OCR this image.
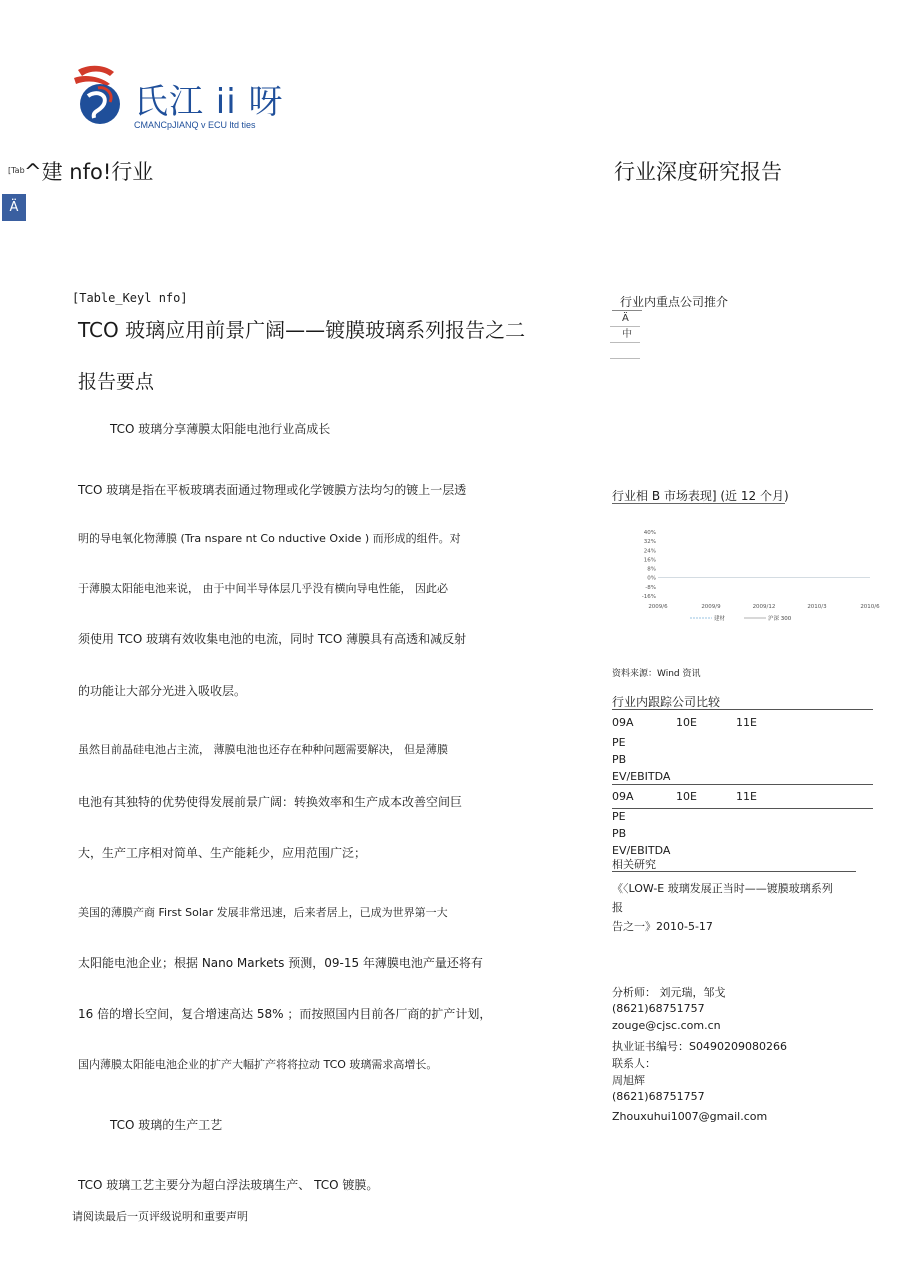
氏江 ii 呀
CMANCpJIANQ v ECU ltd ties
[Tab ^建 nfo!行业	行业深度研究报告
Ä
[Table_Keyl nfo]
TCO 玻璃应用前景广阔——镀膜玻璃系列报告之二
报告要点
TCO 玻璃分享薄膜太阳能电池行业高成长
TCO 玻璃是指在平板玻璃表面通过物理或化学镀膜方法均匀的镀上一层透
明的导电氧化物薄膜 (Tra nspare nt Co nductive Oxide ) 而形成的组件。对
于薄膜太阳能电池来说， 由于中间半导体层几乎没有横向导电性能， 因此必
须使用 TCO 玻璃有效收集电池的电流，同时 TCO 薄膜具有高透和减反射
的功能让大部分光进入吸收层。
虽然目前晶硅电池占主流， 薄膜电池也还存在种种问题需要解决， 但是薄膜
电池有其独特的优势使得发展前景广阔：转换效率和生产成本改善空间巨
大，生产工序相对简单、生产能耗少，应用范围广泛；
美国的薄膜产商 First Solar 发展非常迅速，后来者居上，已成为世界第一大
太阳能电池企业；根据 Nano Markets 预测，09-15 年薄膜电池产量还将有
16 倍的增长空间，复合增速高达 58% ；而按照国内目前各厂商的扩产计划，
国内薄膜太阳能电池企业的扩产大幅扩产将将拉动 TCO 玻璃需求高增长。
TCO 玻璃的生产工艺
TCO 玻璃工艺主要分为超白浮法玻璃生产、 TCO 镀膜。
请阅读最后一页评级说明和重要声明
行业内重点公司推介
Ä
中
行业相 B 市场表现] (近 12 个月)
40%
32%
24%
16%
8%
0%
-8%
-16%
2009/6	2009/9	2009/12	2010/3	2010/6
建材	沪深 300
资料来源：Wind 资讯
行业内跟踪公司比较
09A	10E	11E
PE
PB
EV/EBITDA
09A	10E	11E
PE
PB
EV/EBITDA
相关研究
《〈LOW-E 玻璃发展正当时——镀膜玻璃系列
报
告之一》2010-5-17
分析师： 刘元瑞，邹戈
(8621)68751757
zouge@cjsc.com.cn
执业证书编号：S0490209080266
联系人：
周旭辉
(8621)68751757
Zhouxuhui1007@gmail.com
